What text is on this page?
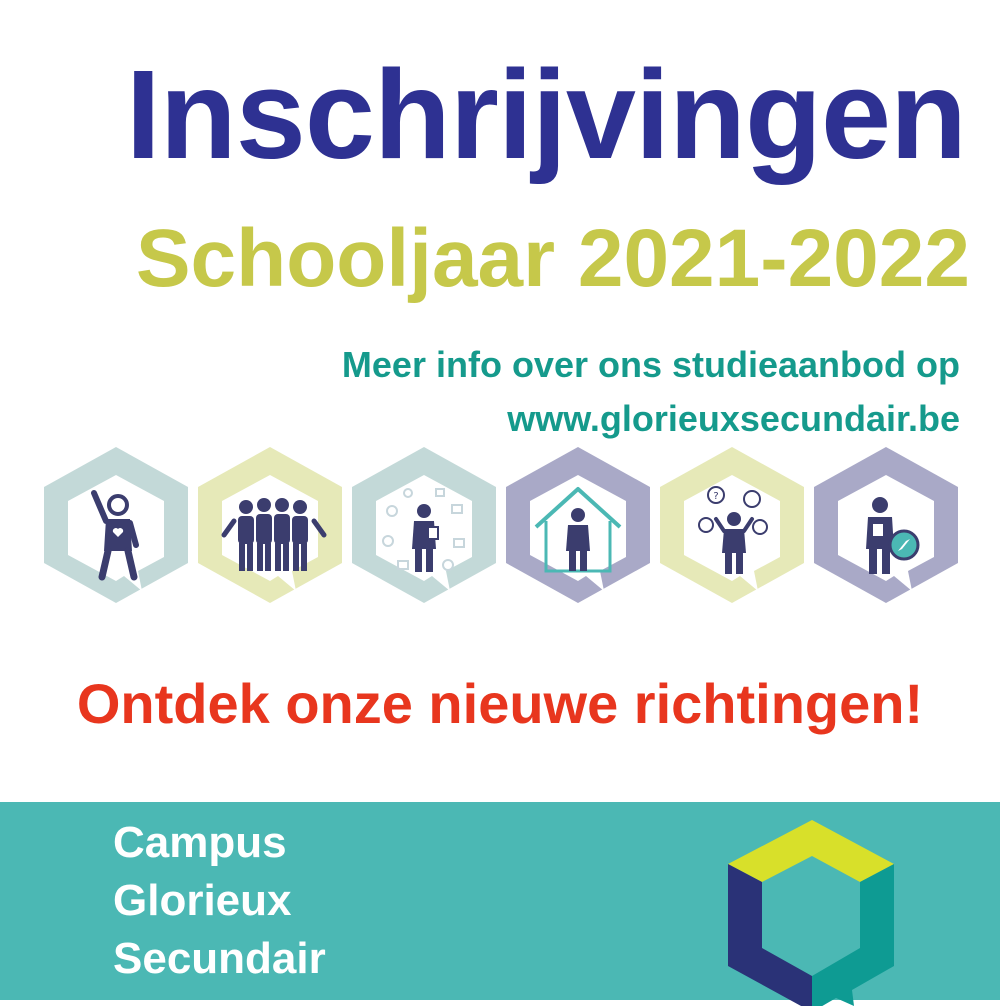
Inschrijvingen
Schooljaar 2021-2022
Meer info over ons studieaanbod op
www.glorieuxsecundair.be
?
Ontdek onze nieuwe richtingen!
Campus
Glorieux
Secundair
